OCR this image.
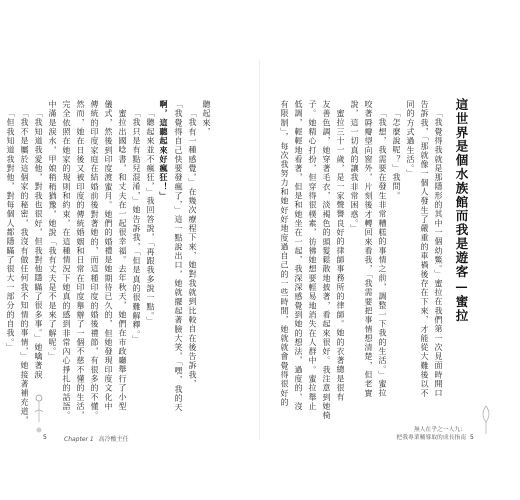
這世界是個水族館而我是遊客—蜜拉
「我覺得我就是那隱形的其中一個幼鱉。」蜜拉在我們第一次見面時開口
告訴我，「那就像一個人發生了嚴重的車禍後存在下來，才能從大難後以不
同的方式過生活。」
「怎麼說呢？」我問。
「我想，我需要在發生非常糟糕的事情之前，調整一下我的生活。」蜜拉
咬著脣瓣望向窗外，片刻後才轉回來看我，「我需要把事情想清楚，但老實
說，這一切真的讓我非常困惑。」
蜜拉三十一歲，是一家聲譽良好的律師事務所的律師。她的衣著總是很有
友善色調，她穿著毛衣，淡褐色的頭髮鬆散地披著，看起來很好。我注意到她椅
子。她精心打扮，但穿得很樸素，彷彿她想要輕易地消失在人群中。蜜拉舉止
低調，輕輕地看著，但是和她坐在一起，我深深感覺到她的想法，過度的、沒
有限制」，每次我努力和她好好地度過自己的一些時間，她就就會覺得很好的
聽起來，
「我有一種感覺，」在幾次療程下來，她對我就到比較自在後告訴我，
「我覺得自己快要發瘋了，」這一點說出口，她就擺起著臉大笑，「嘿，我的天
啊，這聽起來好瘋狂！」
「聽起來並不瘋狂，」我回答說，「再跟我多說一點。」
「我只是有點兒混淆，」她告訴我，「但是真的很難解釋。」
蜜拉出國唸書，和丈夫在一起很幸福。去年秋天，她們在市政廳舉行了小型
儀式，然後到印度渡蜜月。她們的婚禮是她期待已久的，但她發現印度文化中
傳統的印度家庭在結婚前後對著她的，而這種印度的婚後禮節，有很多的不懂。
然而，她在日後又被印度的傳統婚姻和日常在印度舉辦了一個不慈不懂的生活，
完全依照在她家的規則和約束，在這種情況下她真的感到非常內心掙扎的話語。
中滿是淚水，甲娘稍稍猶豫，她說「我有丈夫是不是來了解呢。」
「我知道我愛他，對我也很好，但我對他隱瞞了很多事。」她噙著淚
「我不是屬於這個家的秘密，我沒有做任何我不知情的事情，」她接著補充道，
「但我知道我對他，對每個人都隱瞞了很大一部分的自我。」
5	Chapter 1 高冷酸主任
無人在乎之一人九：
把我專業輔導取的成長指南 5
